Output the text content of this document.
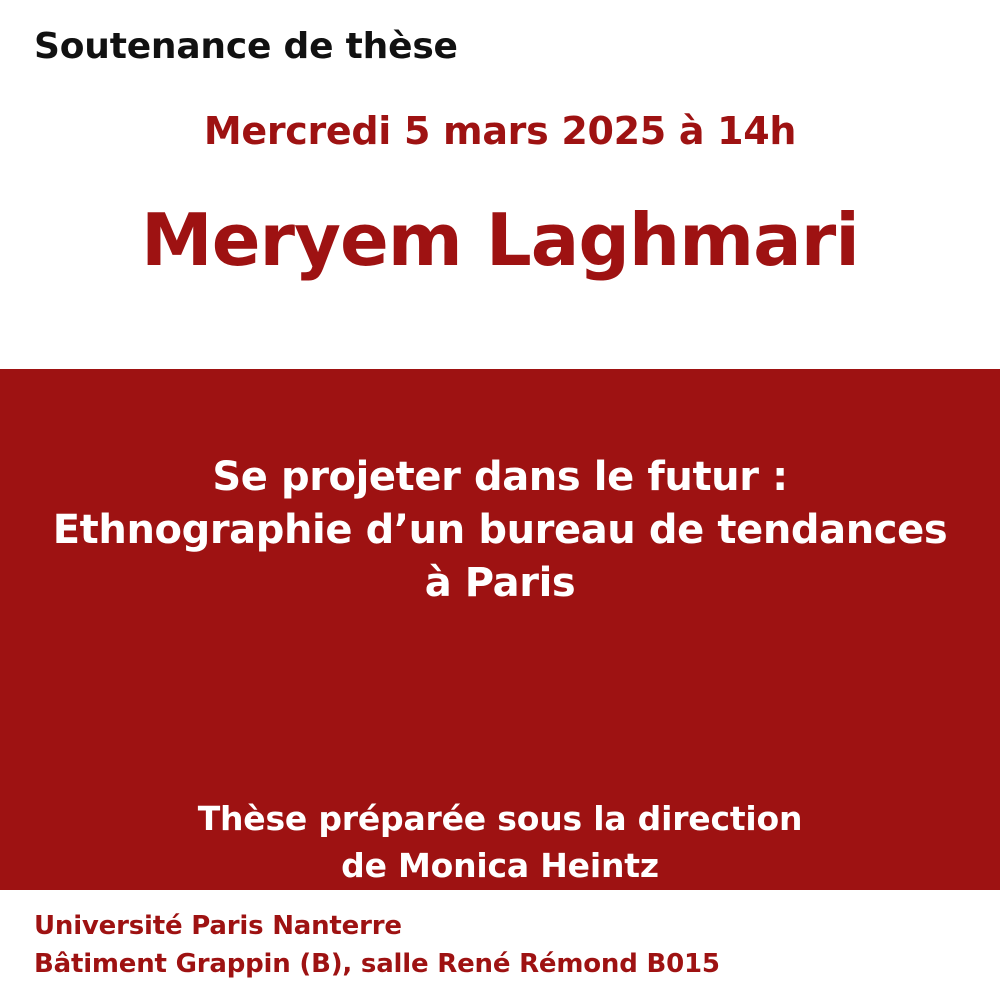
Soutenance de thèse
Mercredi 5 mars 2025 à 14h
Meryem Laghmari
Se projeter dans le futur :
Ethnographie d’un bureau de tendances
à Paris
Thèse préparée sous la direction
de Monica Heintz
Université Paris Nanterre
Bâtiment Grappin (B), salle René Rémond B015
